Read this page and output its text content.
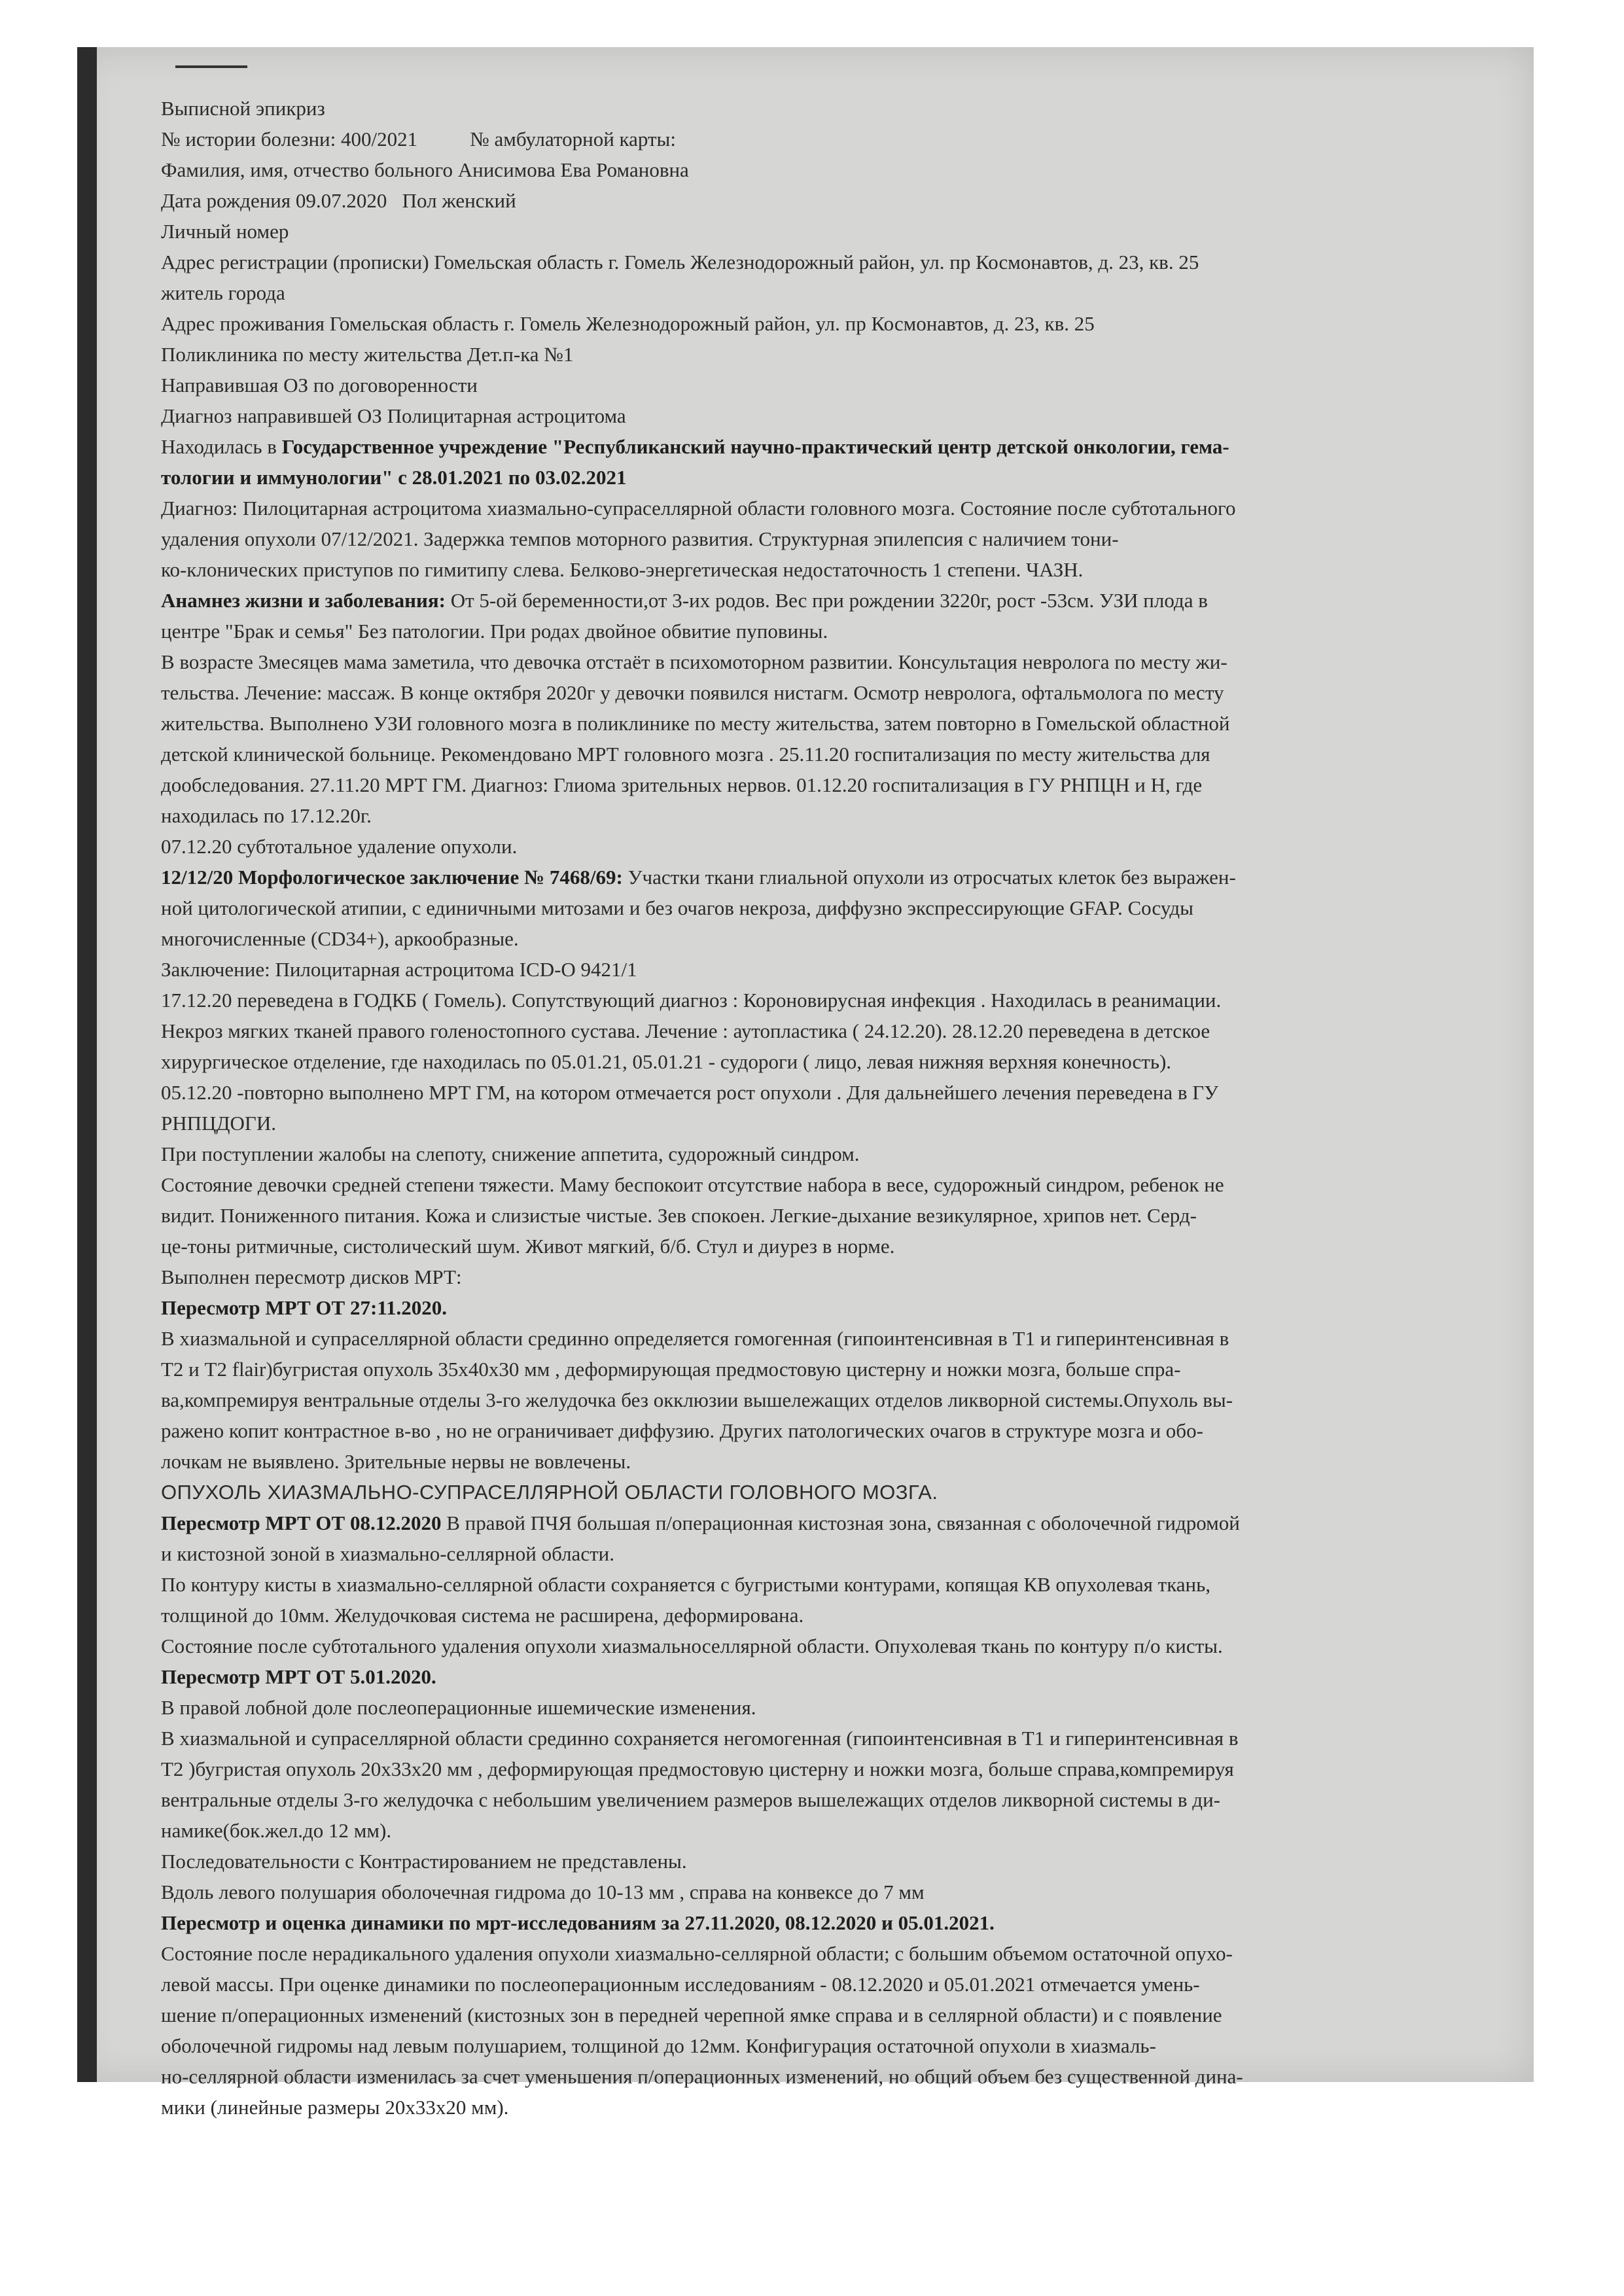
Выписной эпикриз
№ истории болезни: 400/2021	№ амбулаторной карты:
Фамилия, имя, отчество больного Анисимова Ева Романовна
Дата рождения 09.07.2020 Пол женский
Личный номер
Адрес регистрации (прописки) Гомельская область г. Гомель Железнодорожный район, ул. пр Космонавтов, д. 23, кв. 25
житель города
Адрес проживания Гомельская область г. Гомель Железнодорожный район, ул. пр Космонавтов, д. 23, кв. 25
Поликлиника по месту жительства Дет.п-ка №1
Направившая ОЗ по договоренности
Диагноз направившей ОЗ Полицитарная астроцитома
Находилась в Государственное учреждение "Республиканский научно-практический центр детской онкологии, гема-
тологии и иммунологии" с 28.01.2021 по 03.02.2021
Диагноз: Пилоцитарная астроцитома хиазмально-супраселлярной области головного мозга. Состояние после субтотального
удаления опухоли 07/12/2021. Задержка темпов моторного развития. Структурная эпилепсия с наличием тони-
ко-клонических приступов по гимитипу слева. Белково-энергетическая недостаточность 1 степени. ЧАЗН.
Анамнез жизни и заболевания: От 5-ой беременности,от 3-их родов. Вес при рождении 3220г, рост -53см. УЗИ плода в
центре "Брак и семья" Без патологии. При родах двойное обвитие пуповины.
В возрасте 3месяцев мама заметила, что девочка отстаёт в психомоторном развитии. Консультация невролога по месту жи-
тельства. Лечение: массаж. В конце октября 2020г у девочки появился нистагм. Осмотр невролога, офтальмолога по месту
жительства. Выполнено УЗИ головного мозга в поликлинике по месту жительства, затем повторно в Гомельской областной
детской клинической больнице. Рекомендовано МРТ головного мозга . 25.11.20 госпитализация по месту жительства для
дообследования. 27.11.20 МРТ ГМ. Диагноз: Глиома зрительных нервов. 01.12.20 госпитализация в ГУ РНПЦН и Н, где
находилась по 17.12.20г.
07.12.20 субтотальное удаление опухоли.
12/12/20 Морфологическое заключение № 7468/69: Участки ткани глиальной опухоли из отросчатых клеток без выражен-
ной цитологической атипии, с единичными митозами и без очагов некроза, диффузно экспрессирующие GFAP. Сосуды
многочисленные (CD34+), аркообразные.
Заключение: Пилоцитарная астроцитома ICD-O 9421/1
17.12.20 переведена в ГОДКБ ( Гомель). Сопутствующий диагноз : Короновирусная инфекция . Находилась в реанимации.
Некроз мягких тканей правого голеностопного сустава. Лечение : аутопластика ( 24.12.20). 28.12.20 переведена в детское
хирургическое отделение, где находилась по 05.01.21, 05.01.21 - судороги ( лицо, левая нижняя верхняя конечность).
05.12.20 -повторно выполнено МРТ ГМ, на котором отмечается рост опухоли . Для дальнейшего лечения переведена в ГУ
РНПЦДОГИ.
При поступлении жалобы на слепоту, снижение аппетита, судорожный синдром.
Состояние девочки средней степени тяжести. Маму беспокоит отсутствие набора в весе, судорожный синдром, ребенок не
видит. Пониженного питания. Кожа и слизистые чистые. Зев спокоен. Легкие-дыхание везикулярное, хрипов нет. Серд-
це-тоны ритмичные, систолический шум. Живот мягкий, б/б. Стул и диурез в норме.
Выполнен пересмотр дисков МРТ:
Пересмотр МРТ ОТ 27:11.2020.
В хиазмальной и супраселлярной области срединно определяется гомогенная (гипоинтенсивная в Т1 и гиперинтенсивная в
Т2 и Т2 flair)бугристая опухоль 35х40х30 мм , деформирующая предмостовую цистерну и ножки мозга, больше спра-
ва,компремируя вентральные отделы 3-го желудочка без окклюзии вышележащих отделов ликворной системы.Опухоль вы-
ражено копит контрастное в-во , но не ограничивает диффузию. Других патологических очагов в структуре мозга и обо-
лочкам не выявлено. Зрительные нервы не вовлечены.
ОПУХОЛЬ ХИАЗМАЛЬНО-СУПРАСЕЛЛЯРНОЙ ОБЛАСТИ ГОЛОВНОГО МОЗГА.
Пересмотр МРТ ОТ 08.12.2020 В правой ПЧЯ большая п/операционная кистозная зона, связанная с оболочечной гидромой
и кистозной зоной в хиазмально-селлярной области.
По контуру кисты в хиазмально-селлярной области сохраняется с бугристыми контурами, копящая КВ опухолевая ткань,
толщиной до 10мм. Желудочковая система не расширена, деформирована.
Состояние после субтотального удаления опухоли хиазмальноселлярной области. Опухолевая ткань по контуру п/о кисты.
Пересмотр МРТ ОТ 5.01.2020.
В правой лобной доле послеоперационные ишемические изменения.
В хиазмальной и супраселлярной области срединно сохраняется негомогенная (гипоинтенсивная в Т1 и гиперинтенсивная в
Т2 )бугристая опухоль 20х33х20 мм , деформирующая предмостовую цистерну и ножки мозга, больше справа,компремируя
вентральные отделы 3-го желудочка с небольшим увеличением размеров вышележащих отделов ликворной системы в ди-
намике(бок.жел.до 12 мм).
Последовательности с Контрастированием не представлены.
Вдоль левого полушария оболочечная гидрома до 10-13 мм , справа на конвексе до 7 мм
Пересмотр и оценка динамики по мрт-исследованиям за 27.11.2020, 08.12.2020 и 05.01.2021.
Состояние после нерадикального удаления опухоли хиазмально-селлярной области; с большим объемом остаточной опухо-
левой массы. При оценке динамики по послеоперационным исследованиям - 08.12.2020 и 05.01.2021 отмечается умень-
шение п/операционных изменений (кистозных зон в передней черепной ямке справа и в селлярной области) и с появление
оболочечной гидромы над левым полушарием, толщиной до 12мм. Конфигурация остаточной опухоли в хиазмаль-
но-селлярной области изменилась за счет уменьшения п/операционных изменений, но общий объем без существенной дина-
мики (линейные размеры 20х33х20 мм).
